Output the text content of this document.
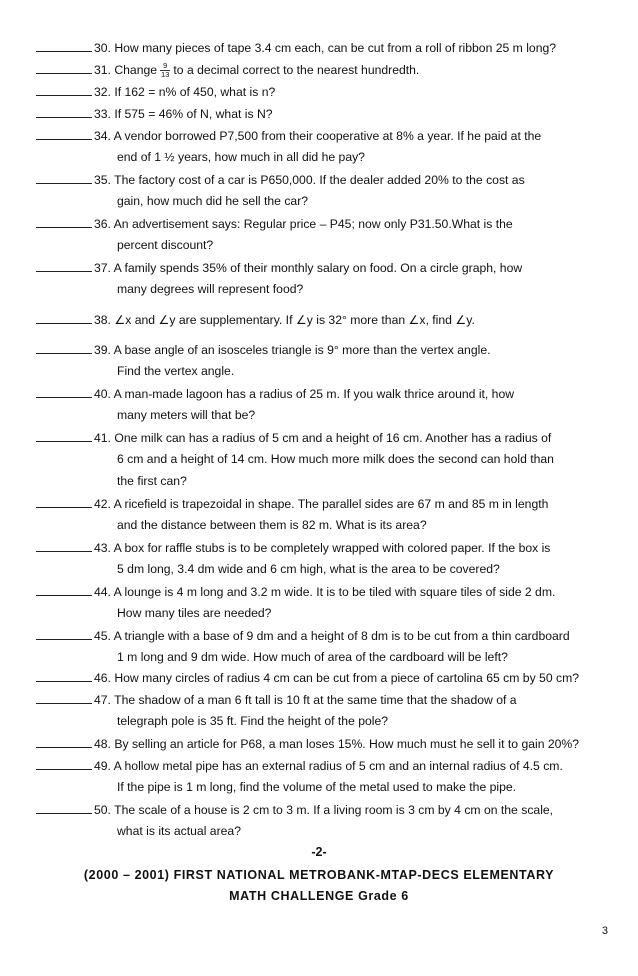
30. How many pieces of tape 3.4 cm each, can be cut from a roll of ribbon 25 m long?
31. Change $\frac{9}{13}$ to a decimal correct to the nearest hundredth.
32. If 162 = n% of 450, what is n?
33. If 575 = 46% of N, what is N?
34. A vendor borrowed P7,500 from their cooperative at 8% a year. If he paid at the
end of 1 ½ years, how much in all did he pay?
35. The factory cost of a car is P650,000. If the dealer added 20% to the cost as
gain, how much did he sell the car?
36. An advertisement says: Regular price – P45; now only P31.50.What is the
percent discount?
37. A family spends 35% of their monthly salary on food. On a circle graph, how
many degrees will represent food?
38. ∠x and ∠y are supplementary. If ∠y is 32° more than ∠x, find ∠y.
39. A base angle of an isosceles triangle is 9° more than the vertex angle.
Find the vertex angle.
40. A man-made lagoon has a radius of 25 m. If you walk thrice around it, how
many meters will that be?
41. One milk can has a radius of 5 cm and a height of 16 cm. Another has a radius of
6 cm and a height of 14 cm. How much more milk does the second can hold than
the first can?
42. A ricefield is trapezoidal in shape. The parallel sides are 67 m and 85 m in length
and the distance between them is 82 m. What is its area?
43. A box for raffle stubs is to be completely wrapped with colored paper. If the box is
5 dm long, 3.4 dm wide and 6 cm high, what is the area to be covered?
44. A lounge is 4 m long and 3.2 m wide. It is to be tiled with square tiles of side 2 dm.
How many tiles are needed?
45. A triangle with a base of 9 dm and a height of 8 dm is to be cut from a thin cardboard
1 m long and 9 dm wide. How much of area of the cardboard will be left?
46. How many circles of radius 4 cm can be cut from a piece of cartolina 65 cm by 50 cm?
47. The shadow of a man 6 ft tall is 10 ft at the same time that the shadow of a
telegraph pole is 35 ft. Find the height of the pole?
48. By selling an article for P68, a man loses 15%. How much must he sell it to gain 20%?
49. A hollow metal pipe has an external radius of 5 cm and an internal radius of 4.5 cm.
If the pipe is 1 m long, find the volume of the metal used to make the pipe.
50. The scale of a house is 2 cm to 3 m. If a living room is 3 cm by 4 cm on the scale,
what is its actual area?
-2-
(2000 – 2001) FIRST NATIONAL METROBANK-MTAP-DECS ELEMENTARY
MATH CHALLENGE Grade 6
3
